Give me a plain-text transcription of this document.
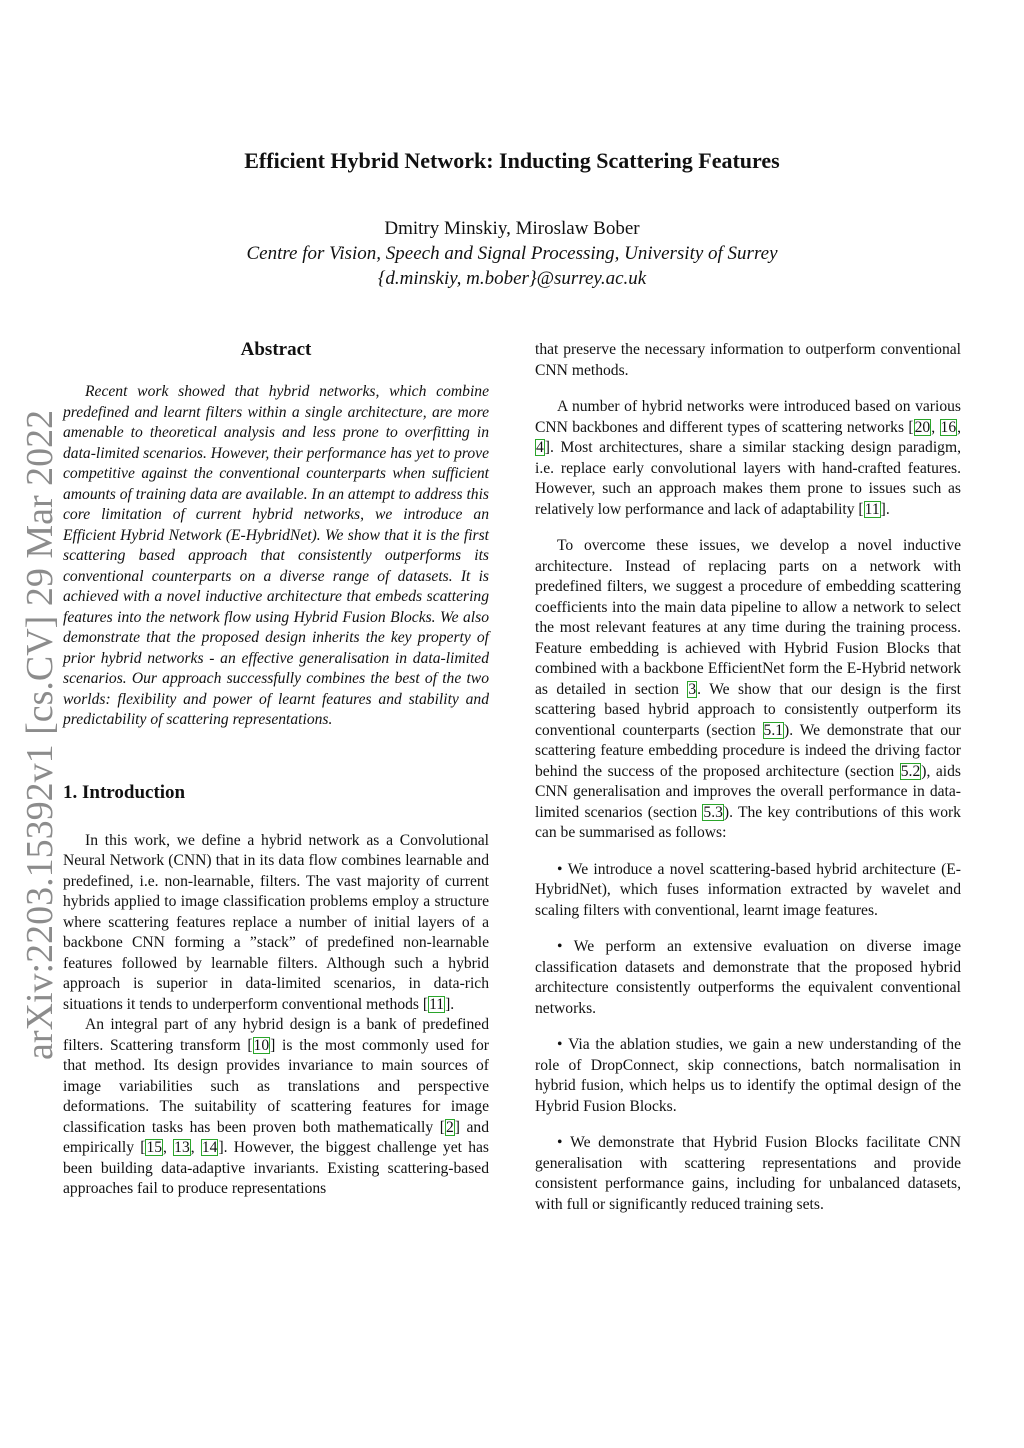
arXiv:2203.15392v1 [cs.CV] 29 Mar 2022
Efficient Hybrid Network: Inducting Scattering Features
Dmitry Minskiy, Miroslaw Bober
Centre for Vision, Speech and Signal Processing, University of Surrey
{d.minskiy, m.bober}@surrey.ac.uk
Abstract

Recent work showed that hybrid networks, which combine predefined and learnt filters within a single architecture, are more amenable to theoretical analysis and less prone to overfitting in data-limited scenarios. However, their performance has yet to prove competitive against the conventional counterparts when sufficient amounts of training data are available. In an attempt to address this core limitation of current hybrid networks, we introduce an Efficient Hybrid Network (E-HybridNet). We show that it is the first scattering based approach that consistently outperforms its conventional counterparts on a diverse range of datasets. It is achieved with a novel inductive architecture that embeds scattering features into the network flow using Hybrid Fusion Blocks. We also demonstrate that the proposed design inherits the key property of prior hybrid networks - an effective generalisation in data-limited scenarios. Our approach successfully combines the best of the two worlds: flexibility and power of learnt features and stability and predictability of scattering representations.

1. Introduction

In this work, we define a hybrid network as a Convolutional Neural Network (CNN) that in its data flow combines learnable and predefined, i.e. non-learnable, filters. The vast majority of current hybrids applied to image classification problems employ a structure where scattering features replace a number of initial layers of a backbone CNN forming a ”stack” of predefined non-learnable features followed by learnable filters. Although such a hybrid approach is superior in data-limited scenarios, in data-rich situations it tends to underperform conventional methods [11].

An integral part of any hybrid design is a bank of predefined filters. Scattering transform [10] is the most commonly used for that method. Its design provides invariance to main sources of image variabilities such as translations and perspective deformations. The suitability of scattering features for image classification tasks has been proven both mathematically [2] and empirically [15, 13, 14]. However, the biggest challenge yet has been building data-adaptive invariants. Existing scattering-based approaches fail to produce representations

that preserve the necessary information to outperform conventional CNN methods.

A number of hybrid networks were introduced based on various CNN backbones and different types of scattering networks [20, 16, 4]. Most architectures, share a similar stacking design paradigm, i.e. replace early convolutional layers with hand-crafted features. However, such an approach makes them prone to issues such as relatively low performance and lack of adaptability [11].

To overcome these issues, we develop a novel inductive architecture. Instead of replacing parts on a network with predefined filters, we suggest a procedure of embedding scattering coefficients into the main data pipeline to allow a network to select the most relevant features at any time during the training process. Feature embedding is achieved with Hybrid Fusion Blocks that combined with a backbone EfficientNet form the E-Hybrid network as detailed in section 3. We show that our design is the first scattering based hybrid approach to consistently outperform its conventional counterparts (section 5.1). We demonstrate that our scattering feature embedding procedure is indeed the driving factor behind the success of the proposed architecture (section 5.2), aids CNN generalisation and improves the overall performance in data-limited scenarios (section 5.3). The key contributions of this work can be summarised as follows:

• We introduce a novel scattering-based hybrid architecture (E-HybridNet), which fuses information extracted by wavelet and scaling filters with conventional, learnt image features.

• We perform an extensive evaluation on diverse image classification datasets and demonstrate that the proposed hybrid architecture consistently outperforms the equivalent conventional networks.

• Via the ablation studies, we gain a new understanding of the role of DropConnect, skip connections, batch normalisation in hybrid fusion, which helps us to identify the optimal design of the Hybrid Fusion Blocks.

• We demonstrate that Hybrid Fusion Blocks facilitate CNN generalisation with scattering representations and provide consistent performance gains, including for unbalanced datasets, with full or significantly reduced training sets.
